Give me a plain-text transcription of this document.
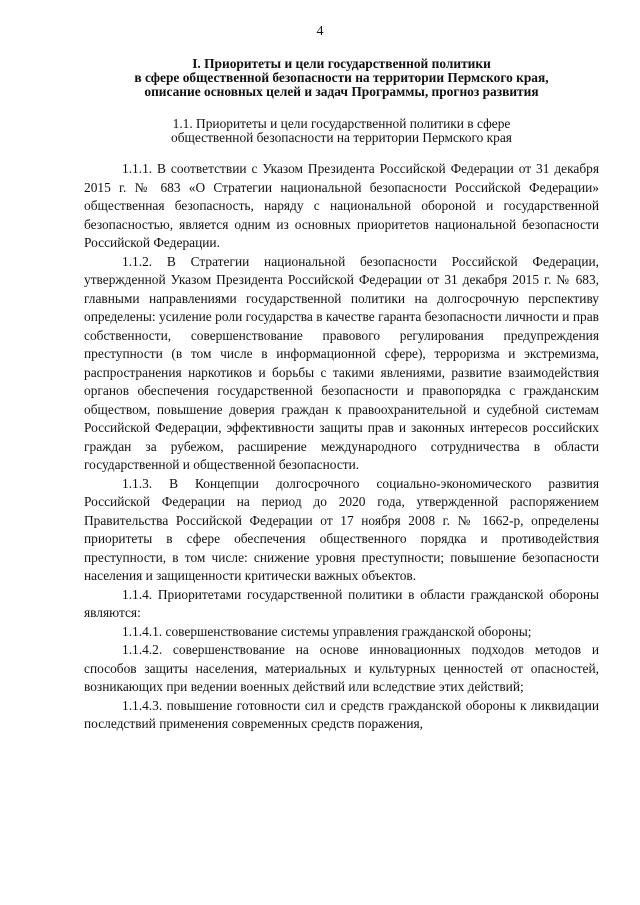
4
I. Приоритеты и цели государственной политики
в сфере общественной безопасности на территории Пермского края,
описание основных целей и задач Программы, прогноз развития
1.1. Приоритеты и цели государственной политики в сфере
общественной безопасности на территории Пермского края

1.1.1. В соответствии с Указом Президента Российской Федерации от 31 декабря 2015 г. № 683 «О Стратегии национальной безопасности Российской Федерации» общественная безопасность, наряду с национальной обороной и государственной безопасностью, является одним из основных приоритетов национальной безопасности Российской Федерации.

1.1.2. В Стратегии национальной безопасности Российской Федерации, утвержденной Указом Президента Российской Федерации от 31 декабря 2015 г. № 683, главными направлениями государственной политики на долгосрочную перспективу определены: усиление роли государства в качестве гаранта безопасности личности и прав собственности, совершенствование правового регулирования предупреждения преступности (в том числе в информационной сфере), терроризма и экстремизма, распространения наркотиков и борьбы с такими явлениями, развитие взаимодействия органов обеспечения государственной безопасности и правопорядка с гражданским обществом, повышение доверия граждан к правоохранительной и судебной системам Российской Федерации, эффективности защиты прав и законных интересов российских граждан за рубежом, расширение международного сотрудничества в области государственной и общественной безопасности.

1.1.3. В Концепции долгосрочного социально-экономического развития Российской Федерации на период до 2020 года, утвержденной распоряжением Правительства Российской Федерации от 17 ноября 2008 г. № 1662-р, определены приоритеты в сфере обеспечения общественного порядка и противодействия преступности, в том числе: снижение уровня преступности; повышение безопасности населения и защищенности критически важных объектов.

1.1.4. Приоритетами государственной политики в области гражданской обороны являются:

1.1.4.1. совершенствование системы управления гражданской обороны;

1.1.4.2. совершенствование на основе инновационных подходов методов и способов защиты населения, материальных и культурных ценностей от опасностей, возникающих при ведении военных действий или вследствие этих действий;

1.1.4.3. повышение готовности сил и средств гражданской обороны к ликвидации последствий применения современных средств поражения,
